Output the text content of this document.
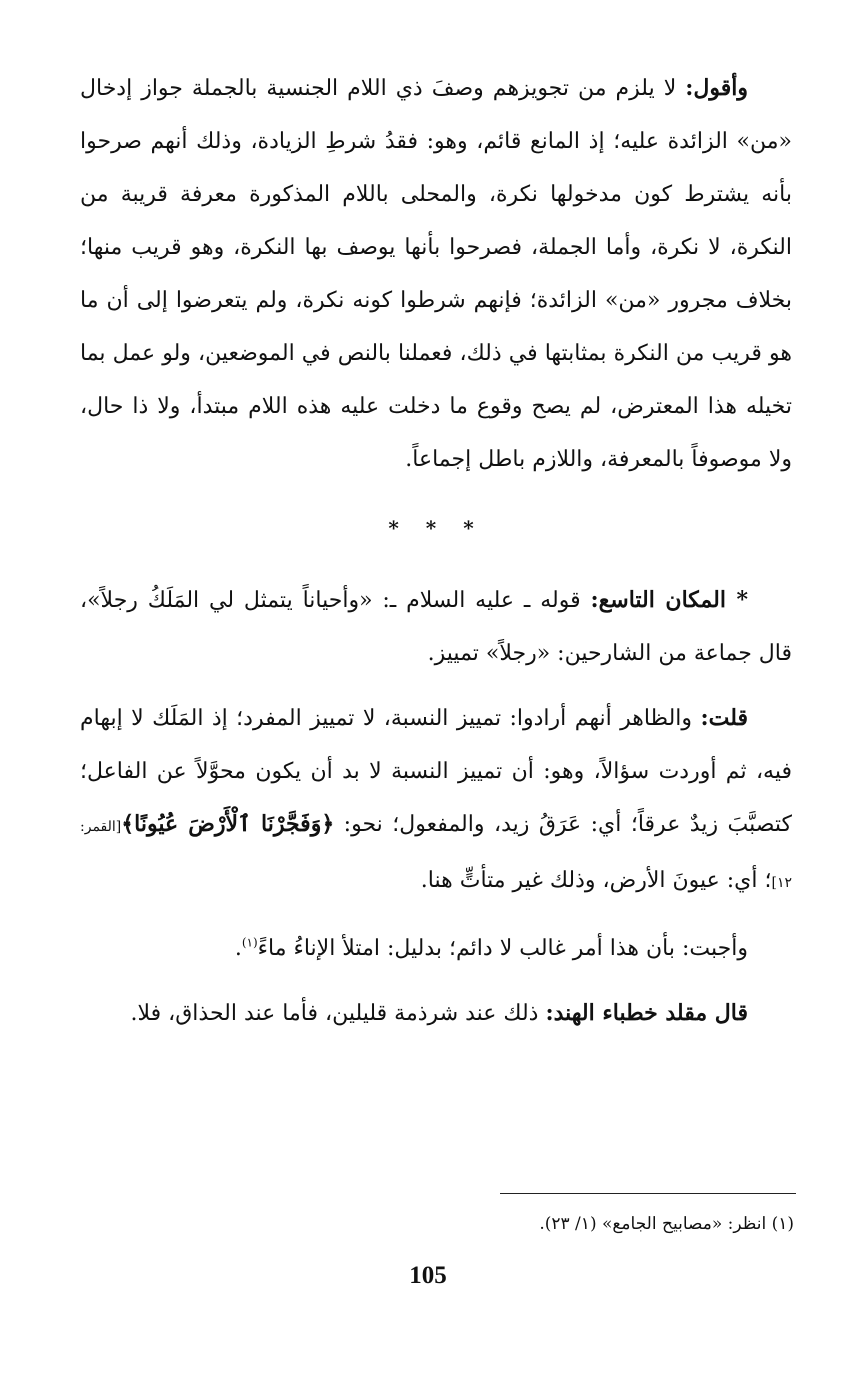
وأقول: لا يلزم من تجويزهم وصفَ ذي اللام الجنسية بالجملة جواز إدخال «من» الزائدة عليه؛ إذ المانع قائم، وهو: فقدُ شرطِ الزيادة، وذلك أنهم صرحوا بأنه يشترط كون مدخولها نكرة، والمحلى باللام المذكورة معرفة قريبة من النكرة، لا نكرة، وأما الجملة، فصرحوا بأنها يوصف بها النكرة، وهو قريب منها؛ بخلاف مجرور «من» الزائدة؛ فإنهم شرطوا كونه نكرة، ولم يتعرضوا إلى أن ما هو قريب من النكرة بمثابتها في ذلك، فعملنا بالنص في الموضعين، ولو عمل بما تخيله هذا المعترض، لم يصح وقوع ما دخلت عليه هذه اللام مبتدأ، ولا ذا حال، ولا موصوفاً بالمعرفة، واللازم باطل إجماعاً.

* * *

* المكان التاسع: قوله ـ عليه السلام ـ: «وأحياناً يتمثل لي المَلَكُ رجلاً»، قال جماعة من الشارحين: «رجلاً» تمييز.

قلت: والظاهر أنهم أرادوا: تمييز النسبة، لا تمييز المفرد؛ إذ المَلَك لا إبهام فيه، ثم أوردت سؤالاً، وهو: أن تمييز النسبة لا بد أن يكون محوَّلاً عن الفاعل؛ كتصبَّبَ زيدٌ عرقاً؛ أي: عَرَقُ زيد، والمفعول؛ نحو: ﴿وَفَجَّرْنَا ٱلْأَرْضَ عُيُونًا﴾[القمر: ١٢]؛ أي: عيونَ الأرض، وذلك غير متأتٍّ هنا.

وأجبت: بأن هذا أمر غالب لا دائم؛ بدليل: امتلأ الإناءُ ماءً$^{(١)}$.

قال مقلد خطباء الهند: ذلك عند شرذمة قليلين، فأما عند الحذاق، فلا.

(١) انظر: «مصابيح الجامع» (١/ ٢٣).
105
